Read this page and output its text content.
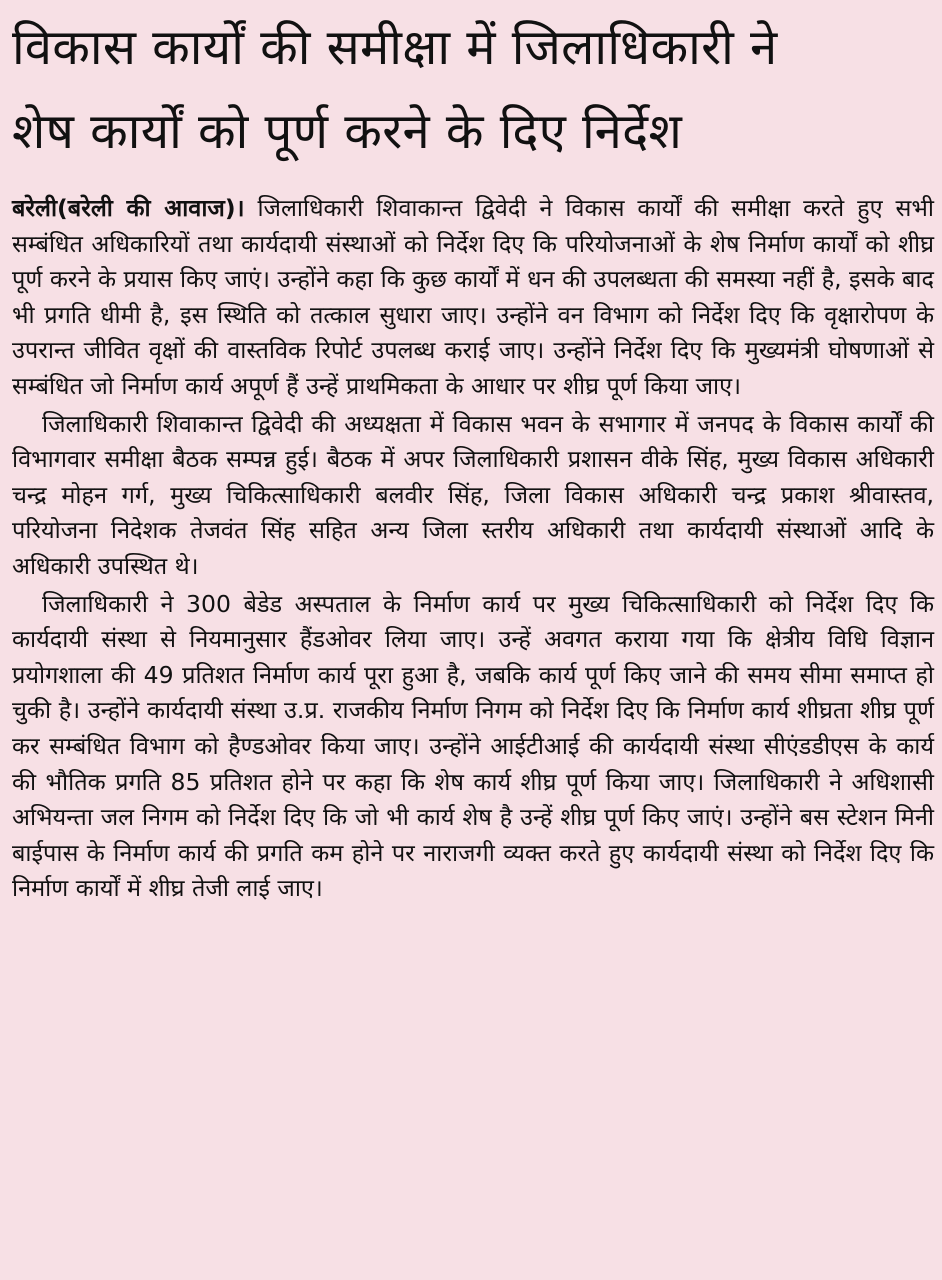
विकास कार्यों की समीक्षा में जिलाधिकारी ने
शेष कार्यों को पूर्ण करने के दिए निर्देश

बरेली(बरेली की आवाज)। जिलाधिकारी शिवाकान्त द्विवेदी ने विकास कार्यों की समीक्षा करते हुए सभी सम्बंधित अधिकारियों तथा कार्यदायी संस्थाओं को निर्देश दिए कि परियोजनाओं के शेष निर्माण कार्यों को शीघ्र पूर्ण करने के प्रयास किए जाएं। उन्होंने कहा कि कुछ कार्यों में धन की उपलब्धता की समस्या नहीं है, इसके बाद भी प्रगति धीमी है, इस स्थिति को तत्काल सुधारा जाए। उन्होंने वन विभाग को निर्देश दिए कि वृक्षारोपण के उपरान्त जीवित वृक्षों की वास्तविक रिपोर्ट उपलब्ध कराई जाए। उन्होंने निर्देश दिए कि मुख्यमंत्री घोषणाओं से सम्बंधित जो निर्माण कार्य अपूर्ण हैं उन्हें प्राथमिकता के आधार पर शीघ्र पूर्ण किया जाए।

जिलाधिकारी शिवाकान्त द्विवेदी की अध्यक्षता में विकास भवन के सभागार में जनपद के विकास कार्यों की विभागवार समीक्षा बैठक सम्पन्न हुई। बैठक में अपर जिलाधिकारी प्रशासन वीके सिंह, मुख्य विकास अधिकारी चन्द्र मोहन गर्ग, मुख्य चिकित्साधिकारी बलवीर सिंह, जिला विकास अधिकारी चन्द्र प्रकाश श्रीवास्तव, परियोजना निदेशक तेजवंत सिंह सहित अन्य जिला स्तरीय अधिकारी तथा कार्यदायी संस्थाओं आदि के अधिकारी उपस्थित थे।

जिलाधिकारी ने 300 बेडेड अस्पताल के निर्माण कार्य पर मुख्य चिकित्साधिकारी को निर्देश दिए कि कार्यदायी संस्था से नियमानुसार हैंडओवर लिया जाए। उन्हें अवगत कराया गया कि क्षेत्रीय विधि विज्ञान प्रयोगशाला की 49 प्रतिशत निर्माण कार्य पूरा हुआ है, जबकि कार्य पूर्ण किए जाने की समय सीमा समाप्त हो चुकी है। उन्होंने कार्यदायी संस्था उ.प्र. राजकीय निर्माण निगम को निर्देश दिए कि निर्माण कार्य शीघ्रता शीघ्र पूर्ण कर सम्बंधित विभाग को हैण्डओवर किया जाए। उन्होंने आईटीआई की कार्यदायी संस्था सीएंडडीएस के कार्य की भौतिक प्रगति 85 प्रतिशत होने पर कहा कि शेष कार्य शीघ्र पूर्ण किया जाए। जिलाधिकारी ने अधिशासी अभियन्ता जल निगम को निर्देश दिए कि जो भी कार्य शेष है उन्हें शीघ्र पूर्ण किए जाएं। उन्होंने बस स्टेशन मिनी बाईपास के निर्माण कार्य की प्रगति कम होने पर नाराजगी व्यक्त करते हुए कार्यदायी संस्था को निर्देश दिए कि निर्माण कार्यों में शीघ्र तेजी लाई जाए।
